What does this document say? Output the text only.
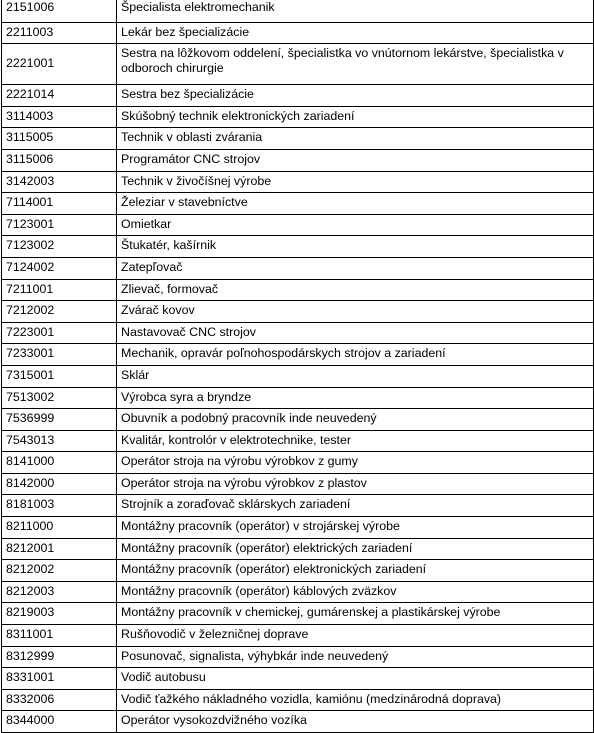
2151006	Špecialista elektromechanik
2211003	Lekár bez špecializácie
2221001	Sestra na lôžkovom oddelení, špecialistka vo vnútornom lekárstve, špecialistka v odboroch chirurgie
2221014	Sestra bez špecializácie
3114003	Skúšobný technik elektronických zariadení
3115005	Technik v oblasti zvárania
3115006	Programátor CNC strojov
3142003	Technik v živočíšnej výrobe
7114001	Železiar v stavebníctve
7123001	Omietkar
7123002	Štukatér, kašírnik
7124002	Zatepľovač
7211001	Zlievač, formovač
7212002	Zvárač kovov
7223001	Nastavovač CNC strojov
7233001	Mechanik, opravár poľnohospodárskych strojov a zariadení
7315001	Sklár
7513002	Výrobca syra a bryndze
7536999	Obuvník a podobný pracovník inde neuvedený
7543013	Kvalitár, kontrolór v elektrotechnike, tester
8141000	Operátor stroja na výrobu výrobkov z gumy
8142000	Operátor stroja na výrobu výrobkov z plastov
8181003	Strojník a zoraďovač sklárskych zariadení
8211000	Montážny pracovník (operátor) v strojárskej výrobe
8212001	Montážny pracovník (operátor) elektrických zariadení
8212002	Montážny pracovník (operátor) elektronických zariadení
8212003	Montážny pracovník (operátor) káblových zväzkov
8219003	Montážny pracovník v chemickej, gumárenskej a plastikárskej výrobe
8311001	Rušňovodič v železničnej doprave
8312999	Posunovač, signalista, výhybkár inde neuvedený
8331001	Vodič autobusu
8332006	Vodič ťažkého nákladného vozidla, kamiónu (medzinárodná doprava)
8344000	Operátor vysokozdvižného vozíka
